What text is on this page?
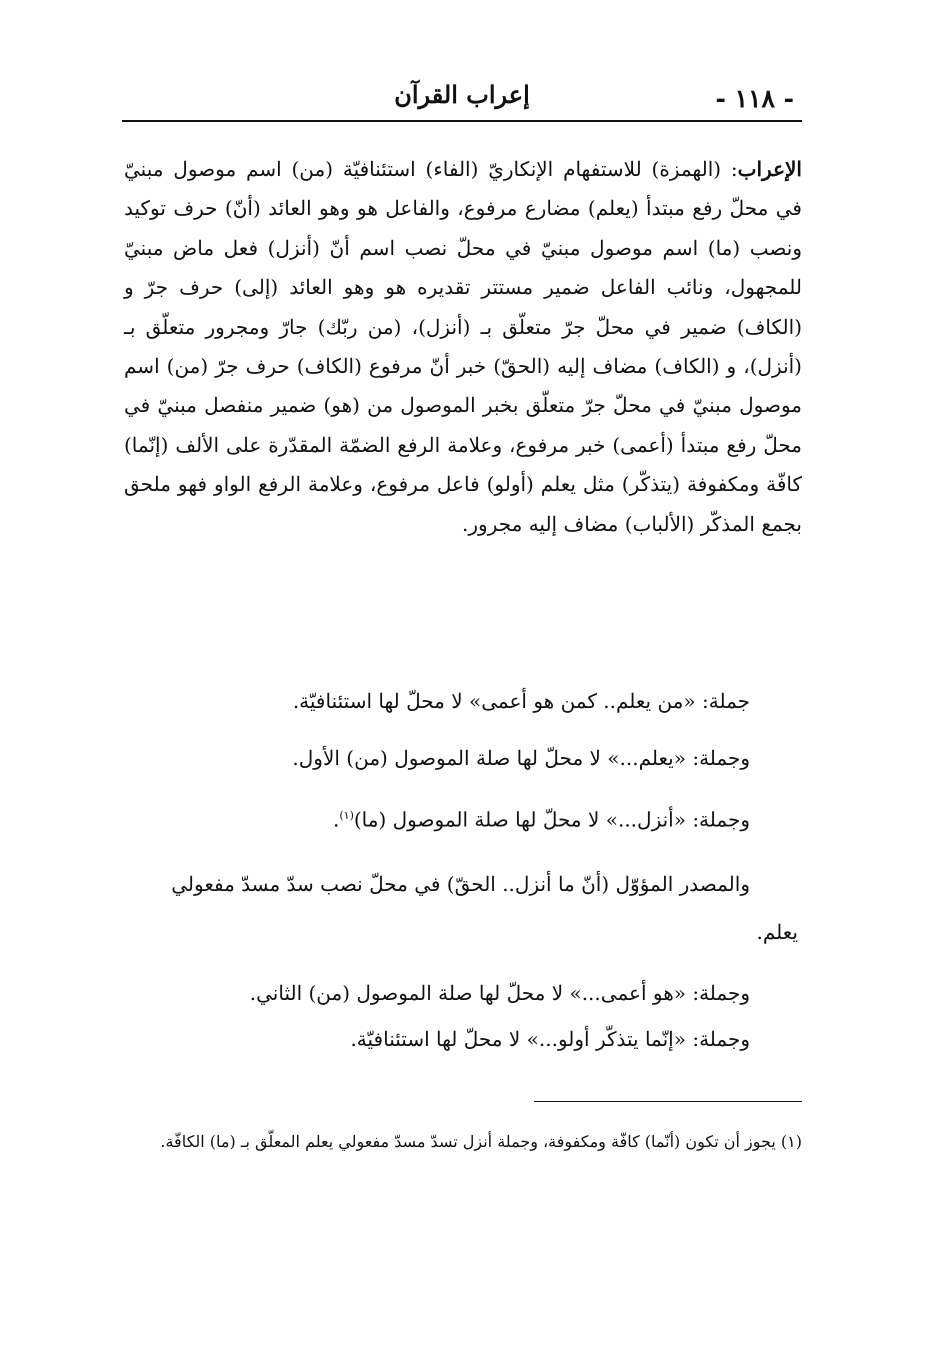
- ١١٨ -
إعراب القرآن
الإعراب: (الهمزة) للاستفهام الإنكاريّ (الفاء) استئنافيّة (من) اسم موصول مبنيّ في محلّ رفع مبتدأ (يعلم) مضارع مرفوع، والفاعل هو وهو العائد (أنّ) حرف توكيد ونصب (ما) اسم موصول مبنيّ في محلّ نصب اسم أنّ (أنزل) فعل ماض مبنيّ للمجهول، ونائب الفاعل ضمير مستتر تقديره هو وهو العائد (إلى) حرف جرّ و (الكاف) ضمير في محلّ جرّ متعلّق بـ (أنزل)، (من ربّك) جارّ ومجرور متعلّق بـ (أنزل)، و (الكاف) مضاف إليه (الحقّ) خبر أنّ مرفوع (الكاف) حرف جرّ (من) اسم موصول مبنيّ في محلّ جرّ متعلّق بخبر الموصول من (هو) ضمير منفصل مبنيّ في محلّ رفع مبتدأ (أعمى) خبر مرفوع، وعلامة الرفع الضمّة المقدّرة على الألف (إنّما) كافّة ومكفوفة (يتذكّر) مثل يعلم (أولو) فاعل مرفوع، وعلامة الرفع الواو فهو ملحق بجمع المذكّر (الألباب) مضاف إليه مجرور.
جملة: «من يعلم.. كمن هو أعمى» لا محلّ لها استئنافيّة.
وجملة: «يعلم...» لا محلّ لها صلة الموصول (من) الأول.
وجملة: «أنزل...» لا محلّ لها صلة الموصول (ما)$^{(١)}$.
والمصدر المؤوّل (أنّ ما أنزل.. الحقّ) في محلّ نصب سدّ مسدّ مفعولي
يعلم.
وجملة: «هو أعمى...» لا محلّ لها صلة الموصول (من) الثاني.
وجملة: «إنّما يتذكّر أولو...» لا محلّ لها استئنافيّة.
(١) يجوز أن تكون (أنّما) كافّة ومكفوفة، وجملة أنزل تسدّ مسدّ مفعولي يعلم المعلّق بـ (ما) الكافّة.
